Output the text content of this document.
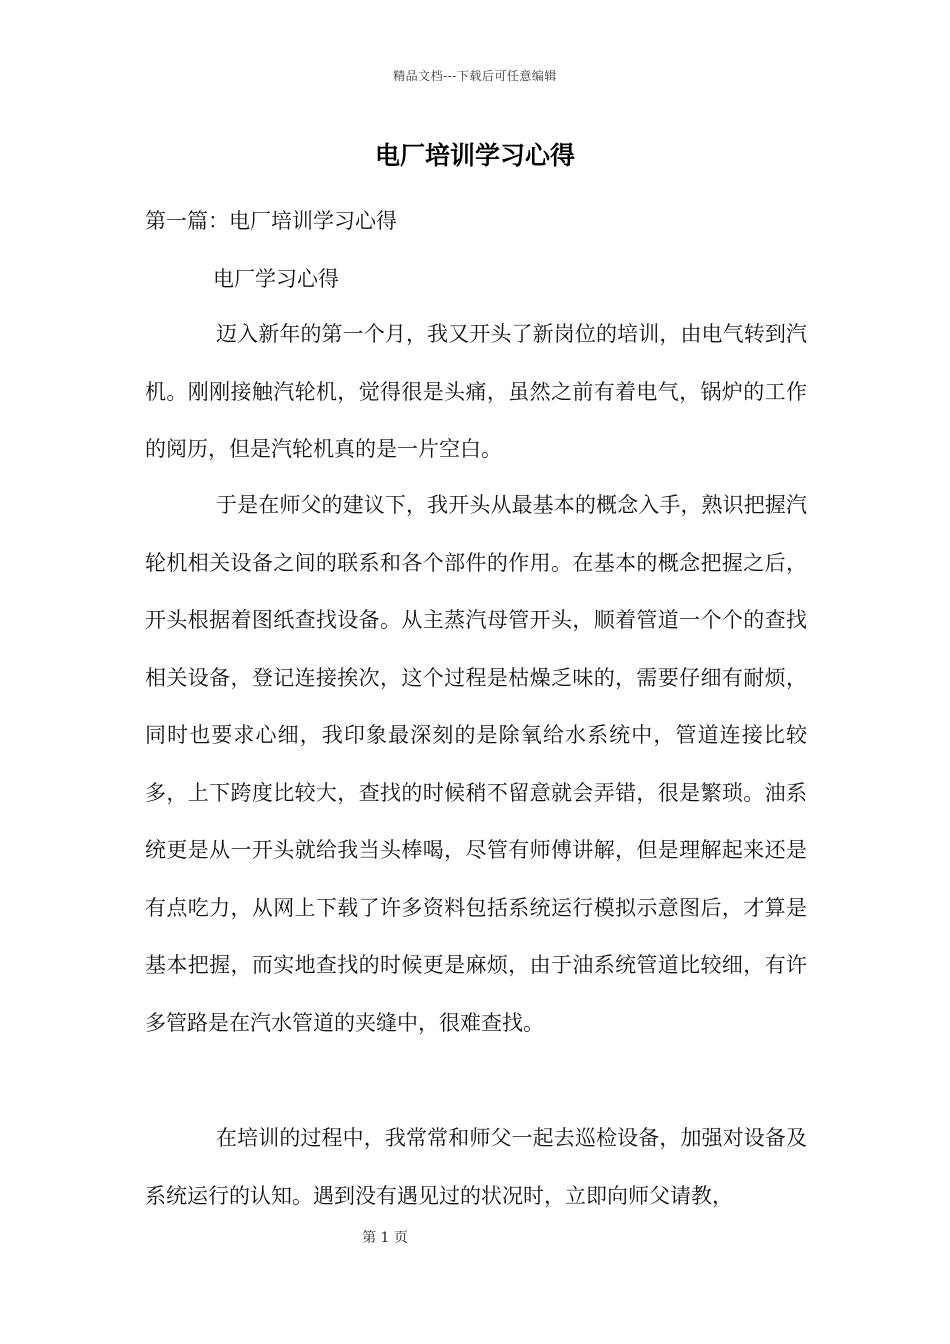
精品文档---下载后可任意编辑
电厂培训学习心得
第一篇：电厂培训学习心得
电厂学习心得

迈入新年的第一个月，我又开头了新岗位的培训，由电气转到汽机。刚刚接触汽轮机，觉得很是头痛，虽然之前有着电气，锅炉的工作的阅历，但是汽轮机真的是一片空白。

于是在师父的建议下，我开头从最基本的概念入手，熟识把握汽轮机相关设备之间的联系和各个部件的作用。在基本的概念把握之后，开头根据着图纸查找设备。从主蒸汽母管开头，顺着管道一个个的查找相关设备，登记连接挨次，这个过程是枯燥乏味的，需要仔细有耐烦，同时也要求心细，我印象最深刻的是除氧给水系统中，管道连接比较多，上下跨度比较大，查找的时候稍不留意就会弄错，很是繁琐。油系统更是从一开头就给我当头棒喝，尽管有师傅讲解，但是理解起来还是有点吃力，从网上下载了许多资料包括系统运行模拟示意图后，才算是基本把握，而实地查找的时候更是麻烦，由于油系统管道比较细，有许多管路是在汽水管道的夹缝中，很难查找。

在培训的过程中，我常常和师父一起去巡检设备，加强对设备及系统运行的认知。遇到没有遇见过的状况时，立即向师父请教，

第 1 页
